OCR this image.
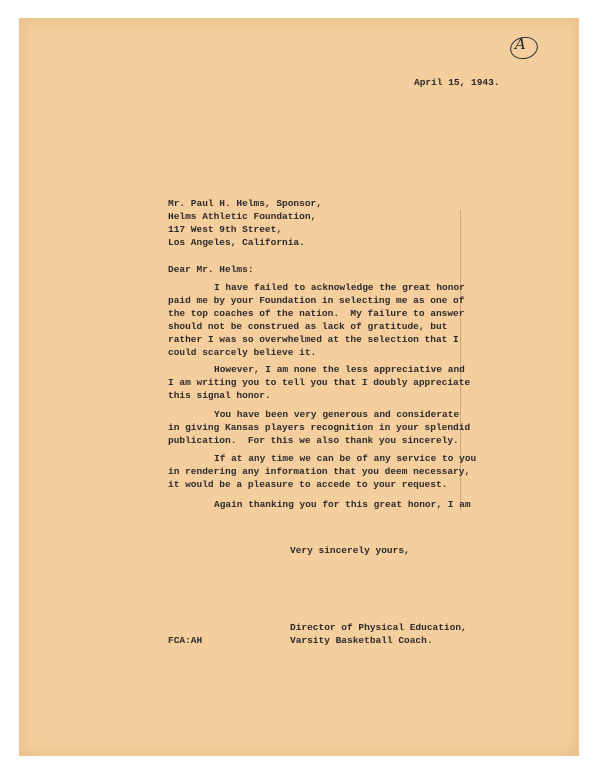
A
April 15, 1943.
Mr. Paul H. Helms, Sponsor,
Helms Athletic Foundation,
117 West 9th Street,
Los Angeles, California.
Dear Mr. Helms:
I have failed to acknowledge the great honor
paid me by your Foundation in selecting me as one of
the top coaches of the nation.  My failure to answer
should not be construed as lack of gratitude, but
rather I was so overwhelmed at the selection that I
could scarcely believe it.
However, I am none the less appreciative and
I am writing you to tell you that I doubly appreciate
this signal honor.
You have been very generous and considerate
in giving Kansas players recognition in your splendid
publication.  For this we also thank you sincerely.
If at any time we can be of any service to you
in rendering any information that you deem necessary,
it would be a pleasure to accede to your request.
Again thanking you for this great honor, I am
Very sincerely yours,
Director of Physical Education,
Varsity Basketball Coach.
FCA:AH
